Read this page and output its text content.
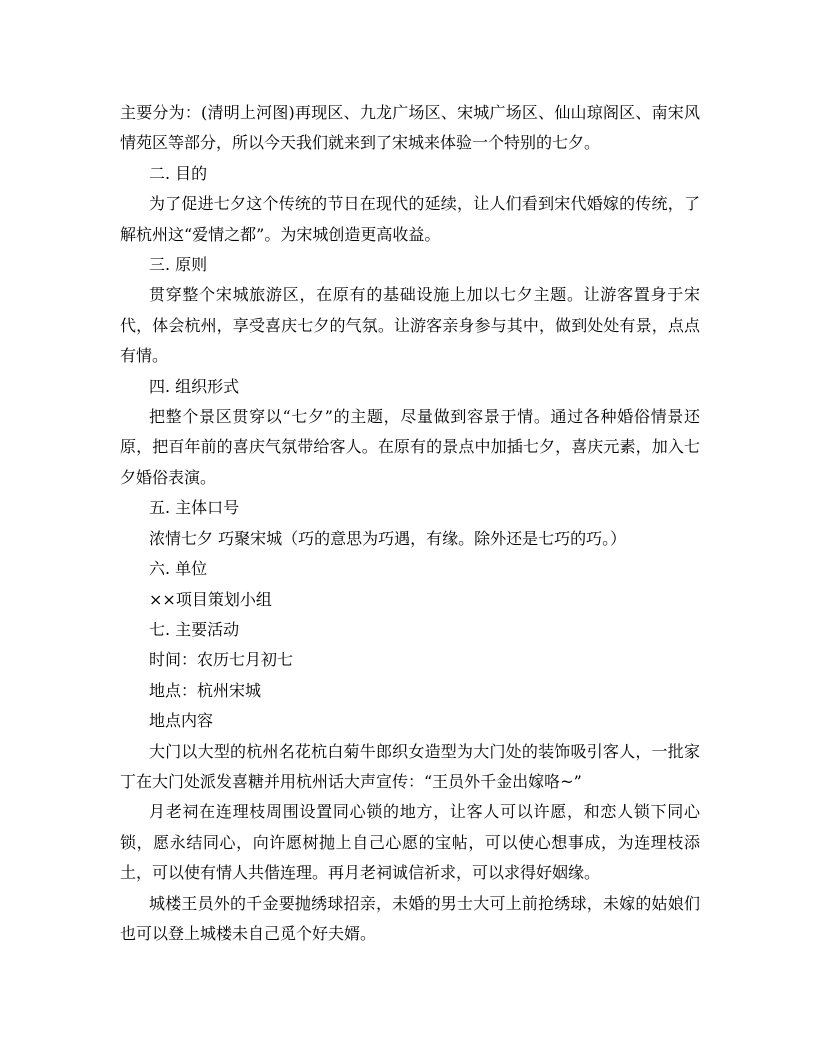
主要分为：(清明上河图)再现区、九龙广场区、宋城广场区、仙山琼阁区、南宋风情苑区等部分，所以今天我们就来到了宋城来体验一个特别的七夕。

二. 目的

为了促进七夕这个传统的节日在现代的延续，让人们看到宋代婚嫁的传统，了解杭州这“爱情之都”。为宋城创造更高收益。

三. 原则

贯穿整个宋城旅游区，在原有的基础设施上加以七夕主题。让游客置身于宋代，体会杭州，享受喜庆七夕的气氛。让游客亲身参与其中，做到处处有景，点点有情。

四. 组织形式

把整个景区贯穿以“七夕”的主题，尽量做到容景于情。通过各种婚俗情景还原，把百年前的喜庆气氛带给客人。在原有的景点中加插七夕，喜庆元素，加入七夕婚俗表演。

五. 主体口号

浓情七夕 巧聚宋城（巧的意思为巧遇，有缘。除外还是七巧的巧。）

六. 单位

××项目策划小组

七. 主要活动

时间：农历七月初七

地点：杭州宋城

地点内容

大门以大型的杭州名花杭白菊牛郎织女造型为大门处的装饰吸引客人，一批家丁在大门处派发喜糖并用杭州话大声宣传：“王员外千金出嫁咯~”

月老祠在连理枝周围设置同心锁的地方，让客人可以许愿，和恋人锁下同心锁，愿永结同心，向许愿树抛上自己心愿的宝帖，可以使心想事成，为连理枝添土，可以使有情人共偕连理。再月老祠诚信祈求，可以求得好姻缘。

城楼王员外的千金要抛绣球招亲，未婚的男士大可上前抢绣球，未嫁的姑娘们也可以登上城楼未自己觅个好夫婿。
